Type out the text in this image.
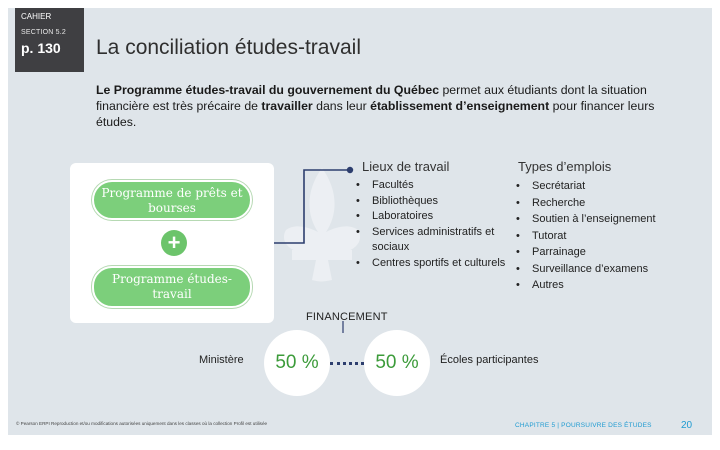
CAHIER
SECTION 5.2
p. 130	La conciliation études-travail
Le Programme études-travail du gouvernement du Québec permet aux étudiants dont la situation financière est très précaire de travailler dans leur établissement d’enseignement pour financer leurs études.
Programme de prêts et bourses
+
Programme études-travail
Lieux de travail	Types d’emplois
• Facultés
• Bibliothèques
• Laboratoires
• Services administratifs et sociaux
• Centres sportifs et culturels
• Secrétariat
• Recherche
• Soutien à l’enseignement
• Tutorat
• Parrainage
• Surveillance d’examens
• Autres
FINANCEMENT
Ministère	50 %	50 %	Écoles participantes
© Pearson ERPI Reproduction et/ou modifications autorisées uniquement dans les classes où la collection Profil est utilisée	CHAPITRE 5 | POURSUIVRE DES ÉTUDES	20
